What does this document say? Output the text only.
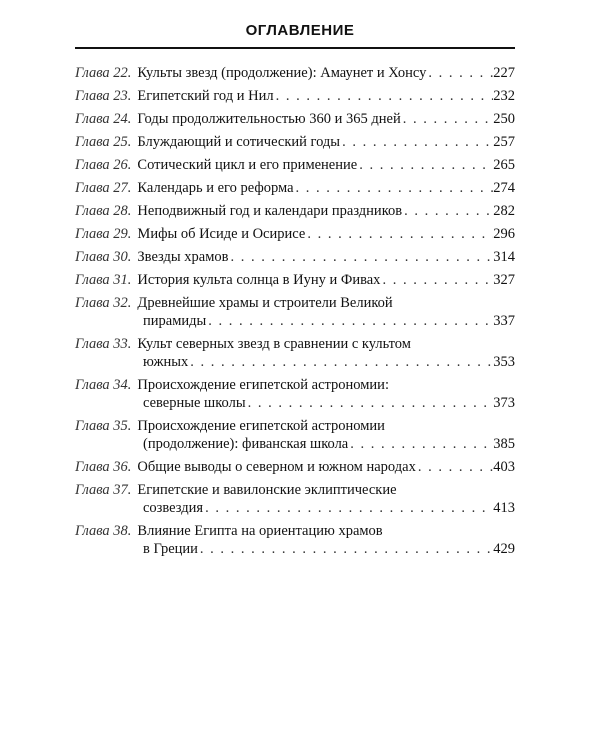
ОГЛАВЛЕНИЕ
Глава 22. Культы звезд (продолжение): Амаунет и Хонсу . . .	227
Глава 23. Египетский год и Нил . . .	232
Глава 24. Годы продолжительностью 360 и 365 дней . . .	250
Глава 25. Блуждающий и сотический годы . . .	257
Глава 26. Сотический цикл и его применение . . .	265
Глава 27. Календарь и его реформа . . .	274
Глава 28. Неподвижный год и календари праздников . . .	282
Глава 29. Мифы об Исиде и Осирисе . . .	296
Глава 30. Звезды храмов . . .	314
Глава 31. История культа солнца в Иуну и Фивах . . .	327
Глава 32. Древнейшие храмы и строители Великой
пирамиды . . .	337
Глава 33. Культ северных звезд в сравнении с культом
южных . . .	353
Глава 34. Происхождение египетской астрономии:
северные школы . . .	373
Глава 35. Происхождение египетской астрономии
(продолжение): фиванская школа . . .	385
Глава 36. Общие выводы о северном и южном народах . . .	403
Глава 37. Египетские и вавилонские эклиптические
созвездия . . .	413
Глава 38. Влияние Египта на ориентацию храмов
в Греции . . .	429
